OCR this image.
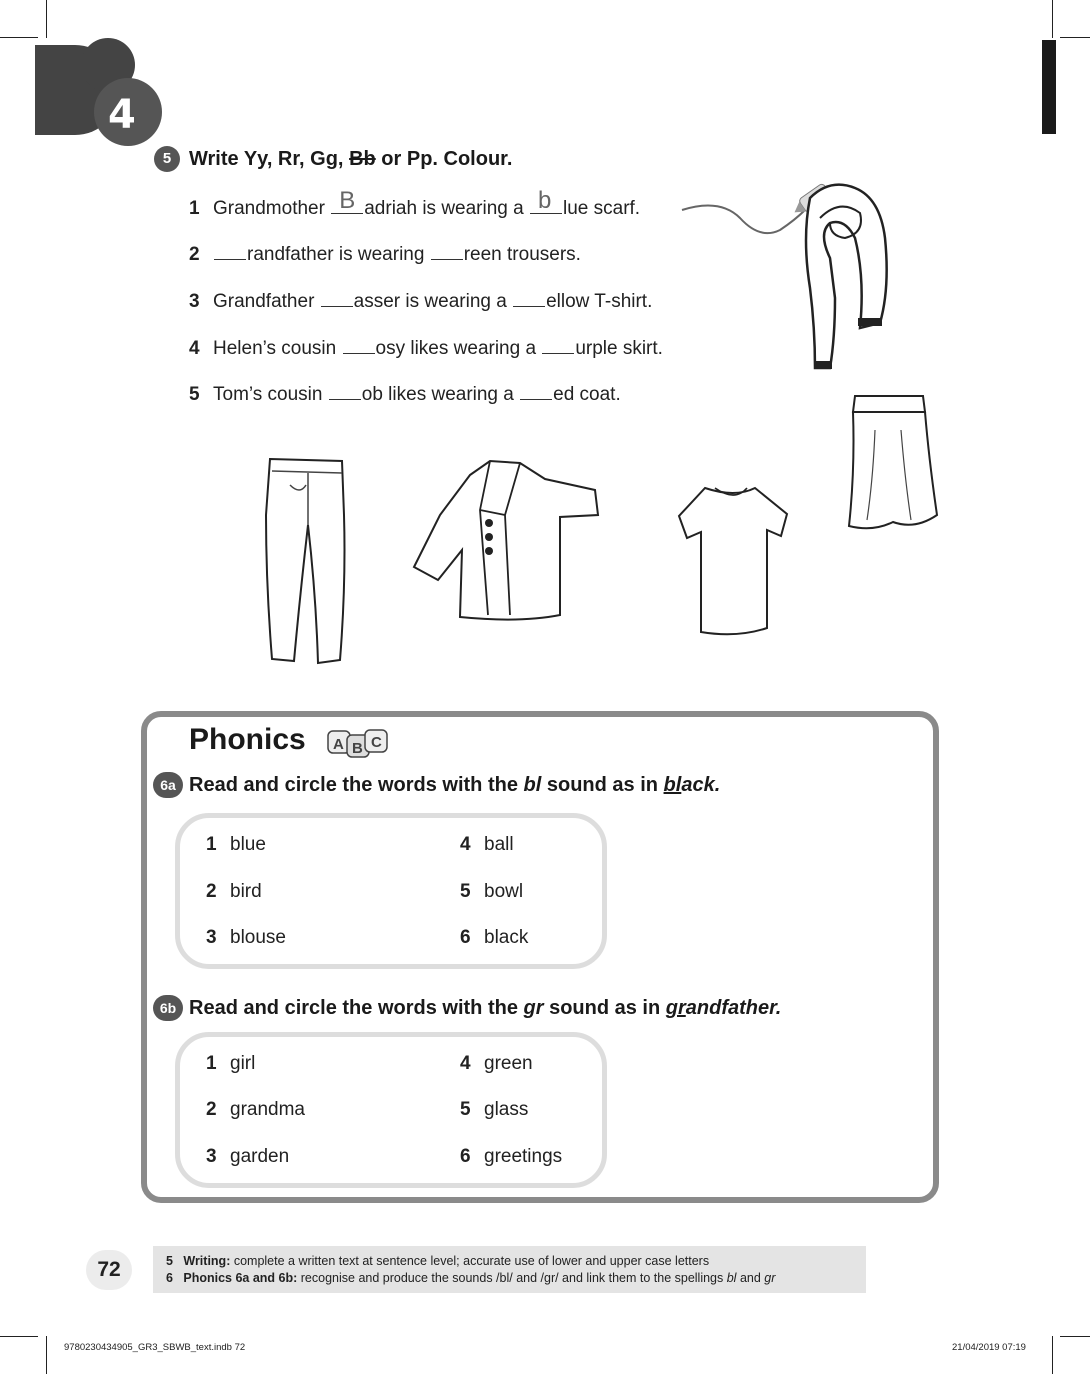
4
5 Write Yy, Rr, Gg, Bb or Pp. Colour.
1 Grandmother B adriah is wearing a b lue scarf.
2 randfather is wearing reen trousers.
3 Grandfather asser is wearing a ellow T-shirt.
4 Helen’s cousin osy likes wearing a urple skirt.
5 Tom’s cousin ob likes wearing a ed coat.
Phonics A B C
6a Read and circle the words with the bl sound as in black.
1 blue
2 bird
3 blouse
4 ball
5 bowl
6 black
6b Read and circle the words with the gr sound as in grandfather.
1 girl
2 grandma
3 garden
4 green
5 glass
6 greetings
72	5 Writing: complete a written text at sentence level; accurate use of lower and upper case letters
6 Phonics 6a and 6b: recognise and produce the sounds /bl/ and /gr/ and link them to the spellings bl and gr
9780230434905_GR3_SBWB_text.indb 72	21/04/2019 07:19
